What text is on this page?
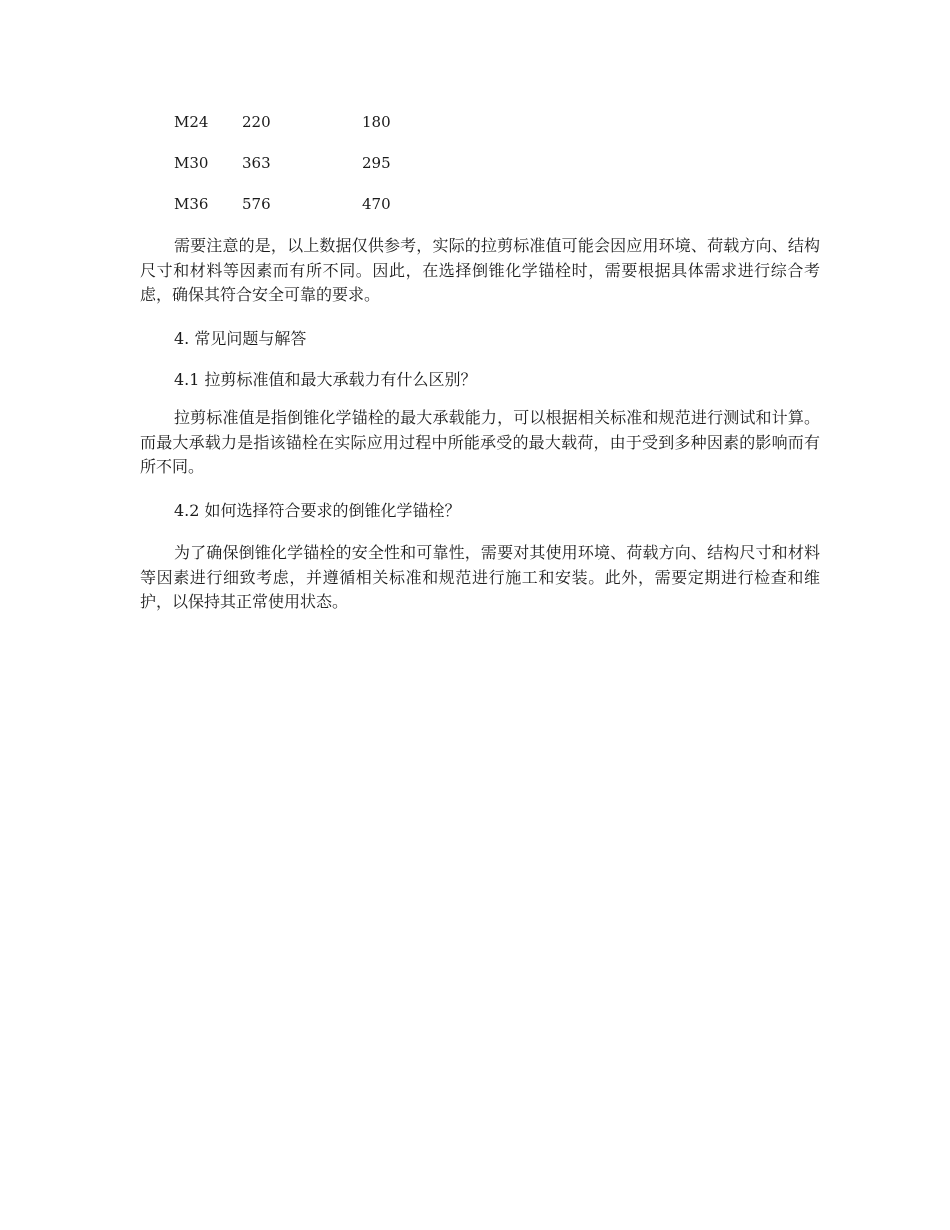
M24 220	180
M30 363	295
M36 576	470

需要注意的是，以上数据仅供参考，实际的拉剪标准值可能会因应用环境、荷载方向、结构尺寸和材料等因素而有所不同。因此，在选择倒锥化学锚栓时，需要根据具体需求进行综合考虑，确保其符合安全可靠的要求。

4. 常见问题与解答

4.1 拉剪标准值和最大承载力有什么区别？

拉剪标准值是指倒锥化学锚栓的最大承载能力，可以根据相关标准和规范进行测试和计算。而最大承载力是指该锚栓在实际应用过程中所能承受的最大载荷，由于受到多种因素的影响而有所不同。

4.2 如何选择符合要求的倒锥化学锚栓？

为了确保倒锥化学锚栓的安全性和可靠性，需要对其使用环境、荷载方向、结构尺寸和材料等因素进行细致考虑，并遵循相关标准和规范进行施工和安装。此外，需要定期进行检查和维护，以保持其正常使用状态。
